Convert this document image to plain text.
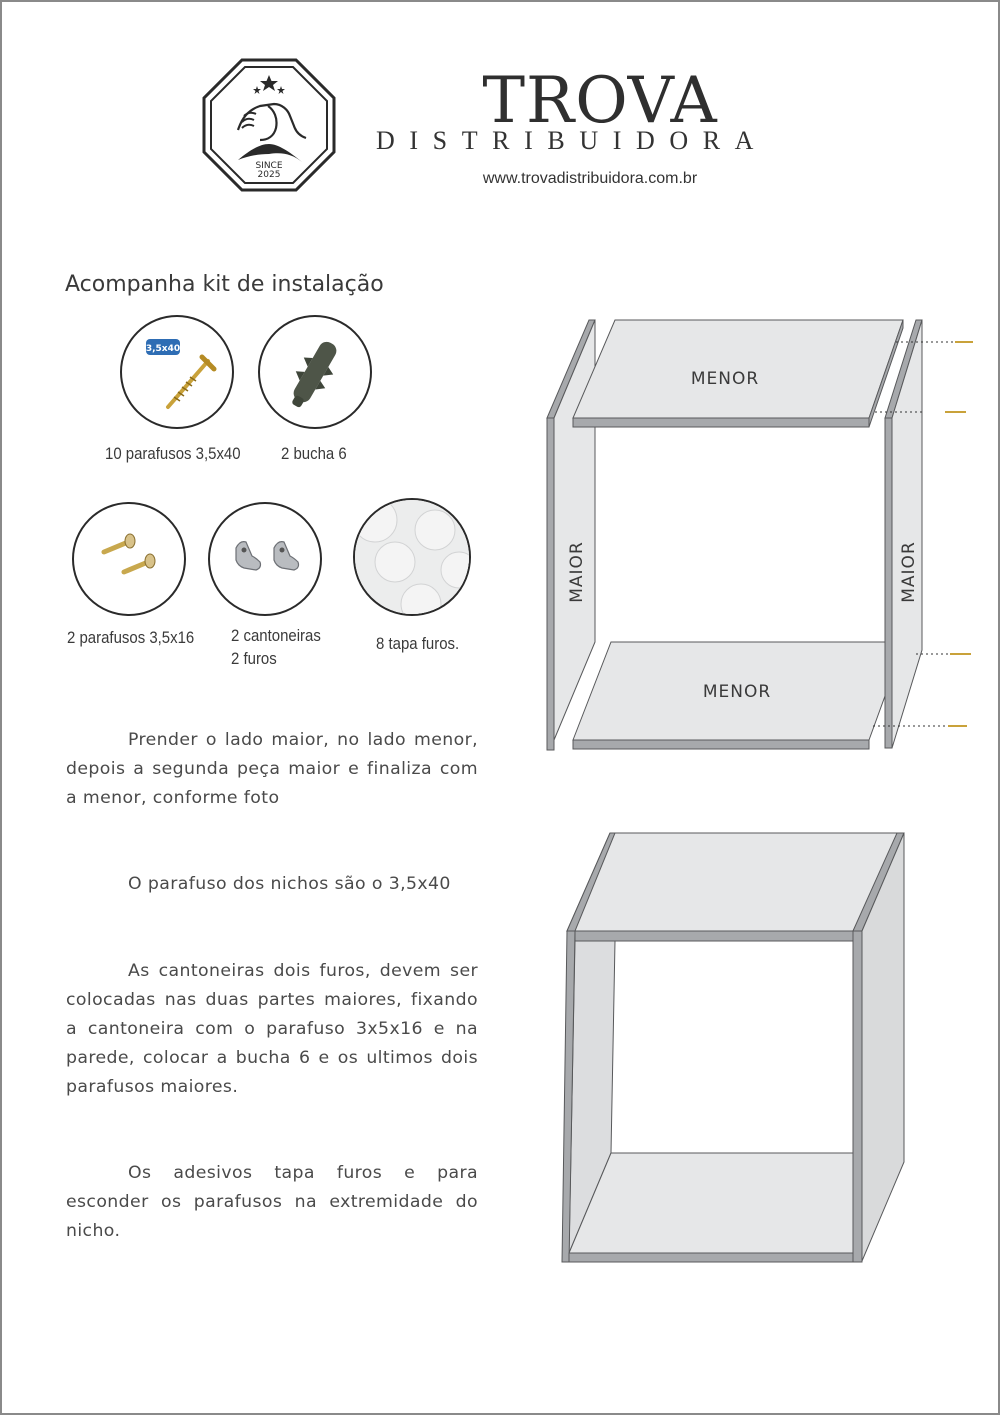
SINCE
2025
TROVA
DISTRIBUIDORA
www.trovadistribuidora.com.br
Acompanha kit de instalação
3,5x40
10 parafusos 3,5x40 2 bucha 6
2 parafusos 3,5x16 2 cantoneiras
2 furos
8 tapa furos.
Prender o lado maior, no lado menor, depois a segunda peça maior e finaliza com a menor, conforme foto
O parafuso dos nichos são o 3,5x40
As cantoneiras dois furos, devem ser colocadas nas duas partes maiores, fixando a cantoneira com o parafuso 3x5x16 e na parede, colocar a bucha 6 e os ultimos dois parafusos maiores.
Os adesivos tapa furos e para esconder os parafusos na extremidade do nicho.
MAIOR
MENOR
MAIOR
MENOR
